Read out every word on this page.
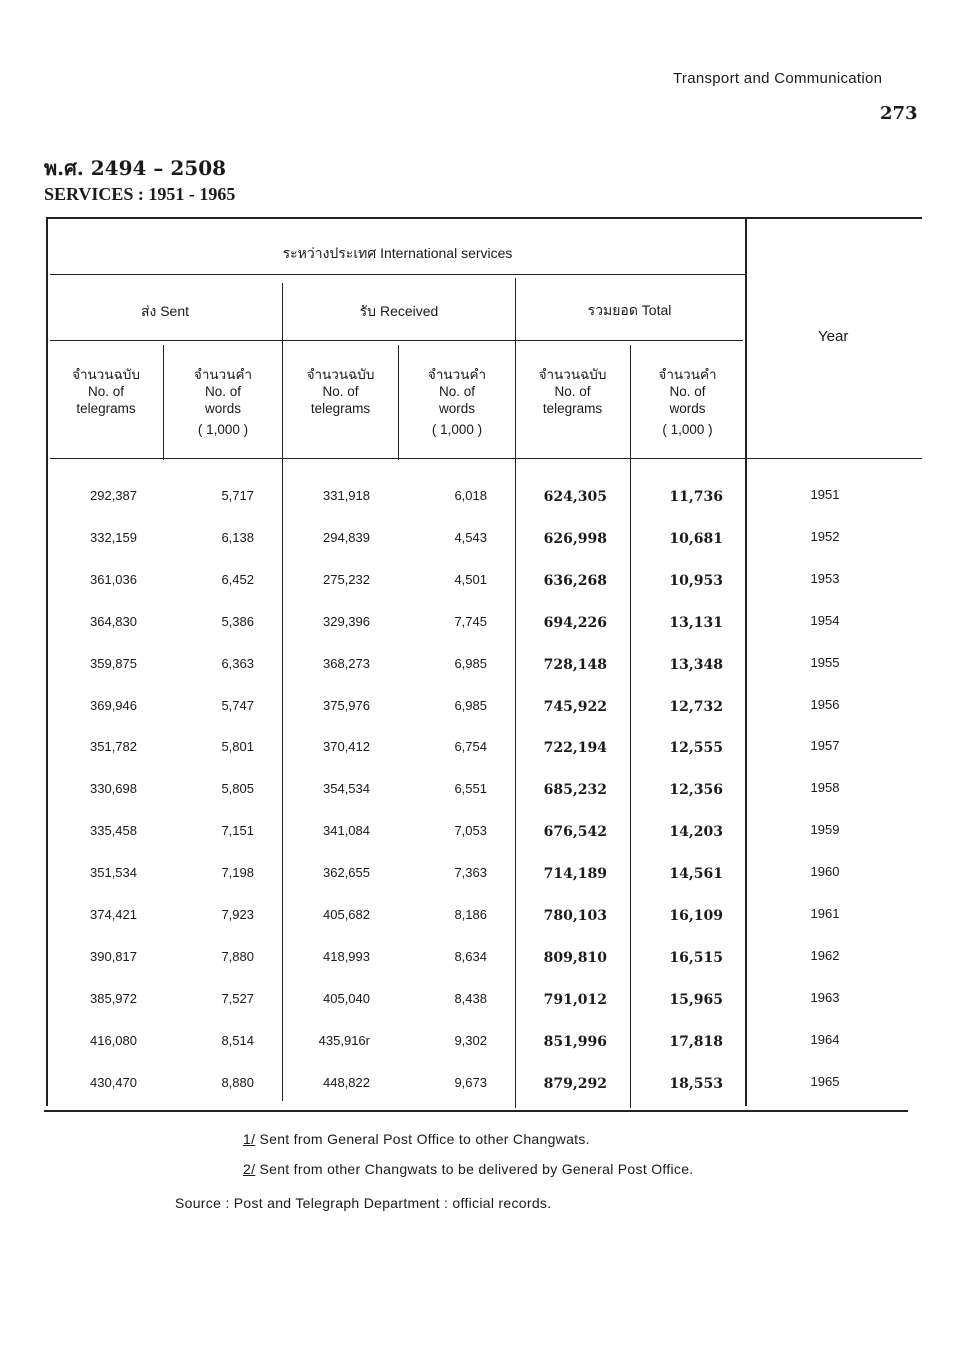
Transport and Communication
273
พ.ศ. 2494 – 2508
SERVICES : 1951 - 1965
ระหว่างประเทศ International services
ส่ง Sent	รับ Received	รวมยอด Total
Year
จำนวนฉบับ
No. of
telegrams
จำนวนคำ
No. of
words
( 1,000 )
จำนวนฉบับ
No. of
telegrams
จำนวนคำ
No. of
words
( 1,000 )
จำนวนฉบับ
No. of
telegrams
จำนวนคำ
No. of
words
( 1,000 )
292,387	5,717	331,918	6,018	624,305	11,736	1951
332,159	6,138	294,839	4,543	626,998	10,681	1952
361,036	6,452	275,232	4,501	636,268	10,953	1953
364,830	5,386	329,396	7,745	694,226	13,131	1954
359,875	6,363	368,273	6,985	728,148	13,348	1955
369,946	5,747	375,976	6,985	745,922	12,732	1956
351,782	5,801	370,412	6,754	722,194	12,555	1957
330,698	5,805	354,534	6,551	685,232	12,356	1958
335,458	7,151	341,084	7,053	676,542	14,203	1959
351,534	7,198	362,655	7,363	714,189	14,561	1960
374,421	7,923	405,682	8,186	780,103	16,109	1961
390,817	7,880	418,993	8,634	809,810	16,515	1962
385,972	7,527	405,040	8,438	791,012	15,965	1963
416,080	8,514	435,916r	9,302	851,996	17,818	1964
430,470	8,880	448,822	9,673	879,292	18,553	1965
1/ Sent from General Post Office to other Changwats.
2/ Sent from other Changwats to be delivered by General Post Office.
Source : Post and Telegraph Department : official records.
